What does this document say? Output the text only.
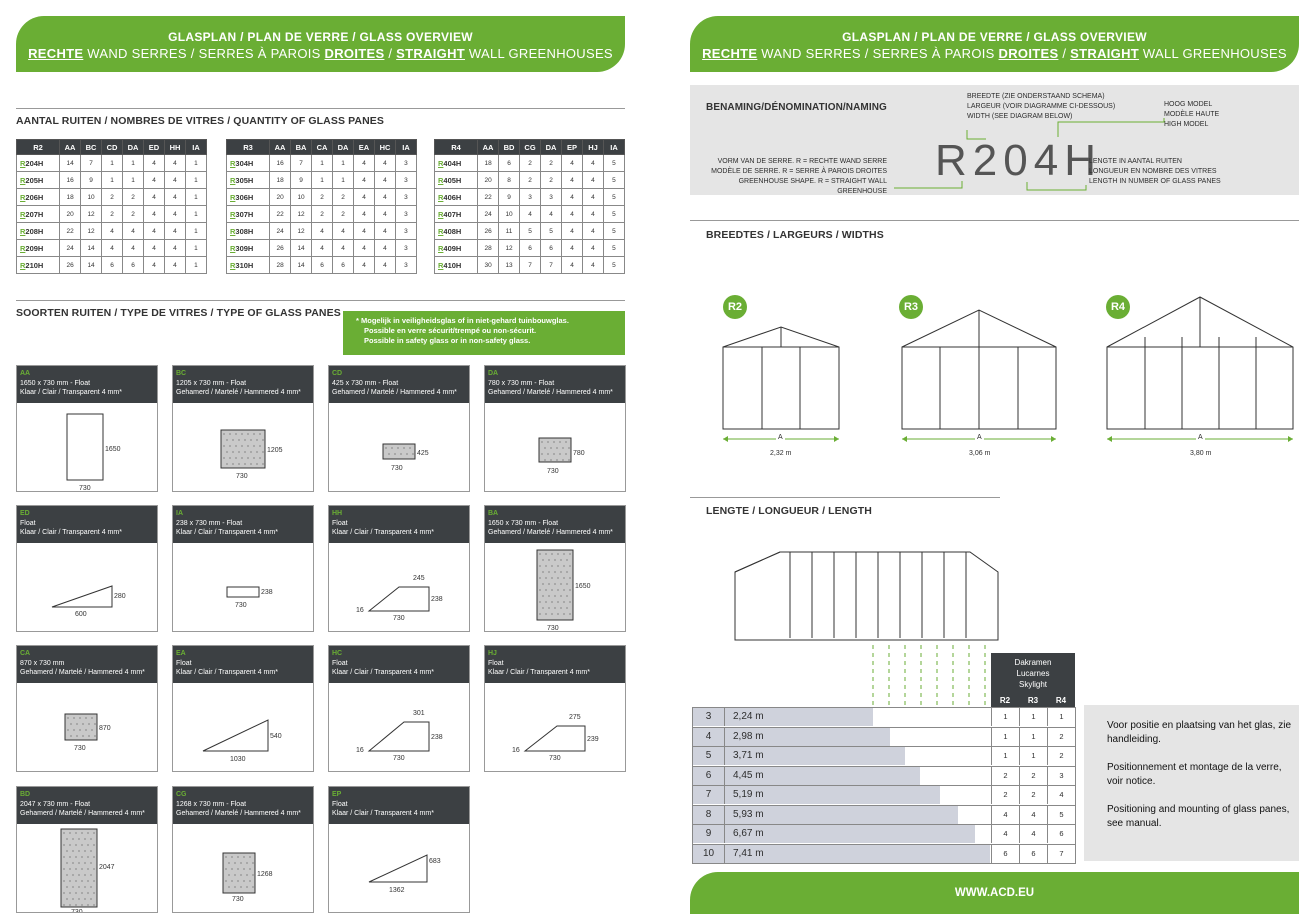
GLASPLAN / PLAN DE VERRE / GLASS OVERVIEW
RECHTE WAND SERRES / SERRES À PAROIS DROITES / STRAIGHT WALL GREENHOUSES
GLASPLAN / PLAN DE VERRE / GLASS OVERVIEW
RECHTE WAND SERRES / SERRES À PAROIS DROITES / STRAIGHT WALL GREENHOUSES
AANTAL RUITEN / NOMBRES DE VITRES / QUANTITY OF GLASS PANES
R2	AA	BC	CD	DA	ED	HH	IA
R204H	14	7	1	1	4	4	1
R205H	16	9	1	1	4	4	1
R206H	18	10	2	2	4	4	1
R207H	20	12	2	2	4	4	1
R208H	22	12	4	4	4	4	1
R209H	24	14	4	4	4	4	1
R210H	26	14	6	6	4	4	1
R3	AA	BA	CA	DA	EA	HC	IA
R304H	16	7	1	1	4	4	3
R305H	18	9	1	1	4	4	3
R306H	20	10	2	2	4	4	3
R307H	22	12	2	2	4	4	3
R308H	24	12	4	4	4	4	3
R309H	26	14	4	4	4	4	3
R310H	28	14	6	6	4	4	3
R4	AA	BD	CG	DA	EP	HJ	IA
R404H	18	6	2	2	4	4	5
R405H	20	8	2	2	4	4	5
R406H	22	9	3	3	4	4	5
R407H	24	10	4	4	4	4	5
R408H	26	11	5	5	4	4	5
R409H	28	12	6	6	4	4	5
R410H	30	13	7	7	4	4	5
SOORTEN RUITEN / TYPE DE VITRES / TYPE OF GLASS PANES
* Mogelijk in veiligheidsglas of in niet-gehard tuinbouwglas.
Possible en verre sécurit/trempé ou non-sécurit.
Possible in safety glass or in non-safety glass.
AA
1650 x 730 mm - Float
Klaar / Clair / Transparent 4 mm*
1650
730
BC
1205 x 730 mm - Float
Gehamerd / Martelé / Hammered 4 mm*
1205
730
CD
425 x 730 mm - Float
Gehamerd / Martelé / Hammered 4 mm*
425
730
DA
780 x 730 mm - Float
Gehamerd / Martelé / Hammered 4 mm*
780
730
ED
Float
Klaar / Clair / Transparent 4 mm*
280
600
IA
238 x 730 mm - Float
Klaar / Clair / Transparent 4 mm*
238
730
HH
Float
Klaar / Clair / Transparent 4 mm*
245
238
16
730
BA
1650 x 730 mm - Float
Gehamerd / Martelé / Hammered 4 mm*
1650
730
CA
870 x 730 mm
Gehamerd / Martelé / Hammered 4 mm*
870
730
EA
Float
Klaar / Clair / Transparent 4 mm*
540
1030
HC
Float
Klaar / Clair / Transparent 4 mm*
301
238
16
730
HJ
Float
Klaar / Clair / Transparent 4 mm*
275
239
16
730
BD
2047 x 730 mm - Float
Gehamerd / Martelé / Hammered 4 mm*
2047
730
CG
1268 x 730 mm - Float
Gehamerd / Martelé / Hammered 4 mm*
1268
730
EP
Float
Klaar / Clair / Transparent 4 mm*
683
1362
BENAMING/DÉNOMINATION/NAMING
R204H
BREEDTE (ZIE ONDERSTAAND SCHEMA)
LARGEUR (VOIR DIAGRAMME CI-DESSOUS)
WIDTH (SEE DIAGRAM BELOW)
HOOG MODEL
MODÈLE HAUTE
HIGH MODEL
VORM VAN DE SERRE. R = RECHTE WAND SERRE
MODÈLE DE SERRE. R = SERRE À PAROIS DROITES
GREENHOUSE SHAPE. R = STRAIGHT WALL GREENHOUSE
LENGTE IN AANTAL RUITEN
LONGUEUR EN NOMBRE DES VITRES
LENGTH IN NUMBER OF GLASS PANES
BREEDTES / LARGEURS / WIDTHS
R2	R3	R4
A
2,32 m
A
3,06 m
A
3,80 m
LENGTE / LONGUEUR / LENGTH
Dakramen
Lucarnes
Skylight
R2	R3	R4
3	2,24 m	1	1	1
4	2,98 m	1	1	2
5	3,71 m	1	1	2
6	4,45 m	2	2	3
7	5,19 m	2	2	4
8	5,93 m	4	4	5
9	6,67 m	4	4	6
10	7,41 m	6	6	7
Voor positie en plaatsing van het glas, zie handleiding.
Positionnement et montage de la verre, voir notice.
Positioning and mounting of glass panes, see manual.
WWW.ACD.EU
